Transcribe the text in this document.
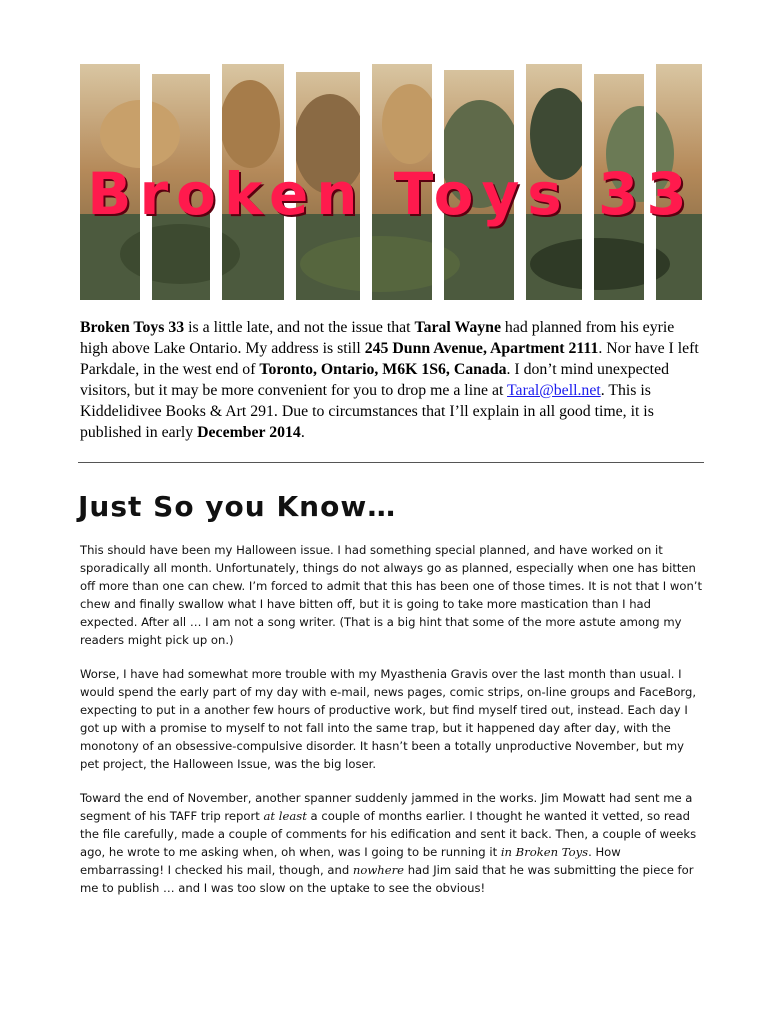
Broken Toys 33

Broken Toys 33 is a little late, and not the issue that Taral Wayne had planned from his eyrie high above Lake Ontario. My address is still 245 Dunn Avenue, Apartment 2111. Nor have I left Parkdale, in the west end of Toronto, Ontario, M6K 1S6, Canada. I don’t mind unexpected visitors, but it may be more convenient for you to drop me a line at Taral@bell.net. This is Kiddelidivee Books & Art 291. Due to circumstances that I’ll explain in all good time, it is published in early December 2014.

Just So you Know…

This should have been my Halloween issue. I had something special planned, and have worked on it sporadically all month. Unfortunately, things do not always go as planned, especially when one has bitten off more than one can chew. I’m forced to admit that this has been one of those times. It is not that I won’t chew and finally swallow what I have bitten off, but it is going to take more mastication than I had expected. After all … I am not a song writer. (That is a big hint that some of the more astute among my readers might pick up on.)

Worse, I have had somewhat more trouble with my Myasthenia Gravis over the last month than usual. I would spend the early part of my day with e-mail, news pages, comic strips, on-line groups and FaceBorg, expecting to put in a another few hours of productive work, but find myself tired out, instead. Each day I got up with a promise to myself to not fall into the same trap, but it happened day after day, with the monotony of an obsessive-compulsive disorder. It hasn’t been a totally unproductive November, but my pet project, the Halloween Issue, was the big loser.

Toward the end of November, another spanner suddenly jammed in the works. Jim Mowatt had sent me a segment of his TAFF trip report at least a couple of months earlier. I thought he wanted it vetted, so read the file carefully, made a couple of comments for his edification and sent it back. Then, a couple of weeks ago, he wrote to me asking when, oh when, was I going to be running it in Broken Toys. How embarrassing! I checked his mail, though, and nowhere had Jim said that he was submitting the piece for me to publish … and I was too slow on the uptake to see the obvious!
